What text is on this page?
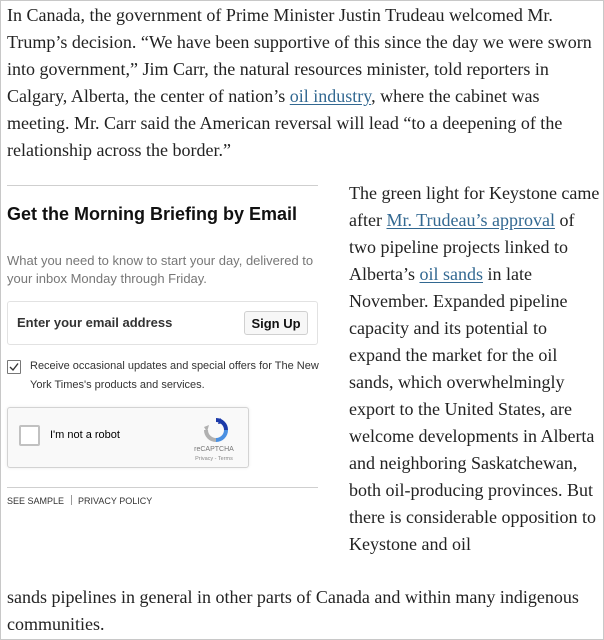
In Canada, the government of Prime Minister Justin Trudeau welcomed Mr. Trump’s decision. “We have been supportive of this since the day we were sworn into government,” Jim Carr, the natural resources minister, told reporters in Calgary, Alberta, the center of nation’s oil industry, where the cabinet was meeting. Mr. Carr said the American reversal will lead “to a deepening of the relationship across the border.”

Get the Morning Briefing by Email

What you need to know to start your day, delivered to your inbox Monday through Friday.

Enter your email address
Sign Up

Receive occasional updates and special offers for The New York Times's products and services.

I'm not a robot

reCAPTCHA

Privacy - Terms

SEE SAMPLE PRIVACY POLICY

The green light for Keystone came after Mr. Trudeau’s approval of two pipeline projects linked to Alberta’s oil sands in late November. Expanded pipeline capacity and its potential to expand the market for the oil sands, which overwhelmingly export to the United States, are welcome developments in Alberta and neighboring Saskatchewan, both oil-producing provinces. But there is considerable opposition to Keystone and oil

sands pipelines in general in other parts of Canada and within many indigenous communities.
